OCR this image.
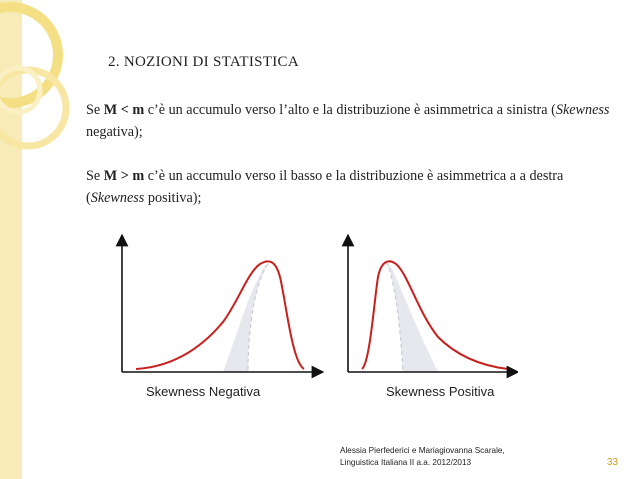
2. NOZIONI DI STATISTICA
Se M < m c’è un accumulo verso l’alto e la distribuzione è asimmetrica a sinistra (Skewness negativa);
Se M > m c’è un accumulo verso il basso e la distribuzione è asimmetrica a a destra (Skewness positiva);
Skewness Negativa	Skewness Positiva
Alessia Pierfederici e Mariagiovanna Scarale,
Linguistica Italiana II a.a. 2012/2013	33
